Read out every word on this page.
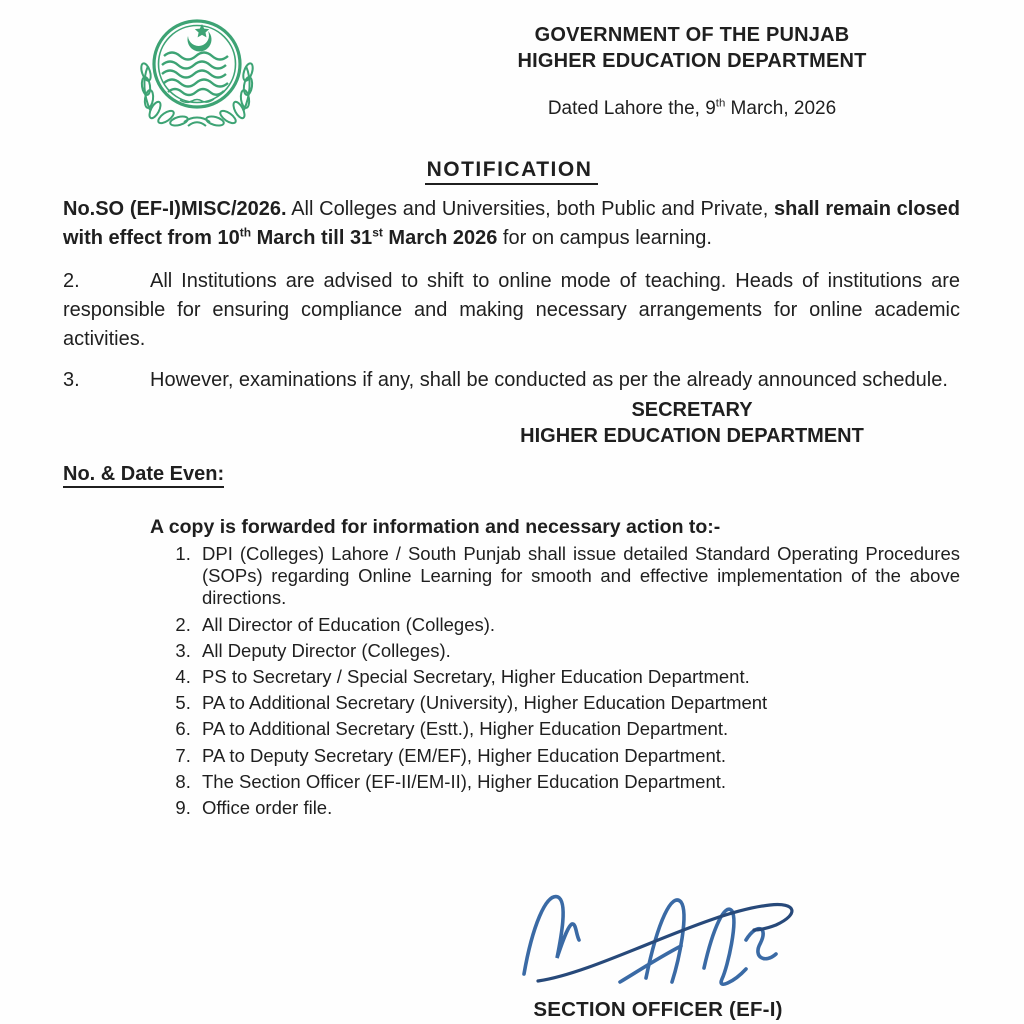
GOVERNMENT OF THE PUNJAB
HIGHER EDUCATION DEPARTMENT
Dated Lahore the, 9th March, 2026
NOTIFICATION

No.SO (EF-I)MISC/2026. All Colleges and Universities, both Public and Private, shall remain closed with effect from 10th March till 31st March 2026 for on campus learning.

2.	All Institutions are advised to shift to online mode of teaching. Heads of institutions are responsible for ensuring compliance and making necessary arrangements for online academic activities.

3.	However, examinations if any, shall be conducted as per the already announced schedule.

SECRETARY
HIGHER EDUCATION DEPARTMENT
No. & Date Even:
A copy is forwarded for information and necessary action to:-
1. DPI (Colleges) Lahore / South Punjab shall issue detailed Standard Operating Procedures (SOPs) regarding Online Learning for smooth and effective implementation of the above directions.
2. All Director of Education (Colleges).
3. All Deputy Director (Colleges).
4. PS to Secretary / Special Secretary, Higher Education Department.
5. PA to Additional Secretary (University), Higher Education Department
6. PA to Additional Secretary (Estt.), Higher Education Department.
7. PA to Deputy Secretary (EM/EF), Higher Education Department.
8. The Section Officer (EF-II/EM-II), Higher Education Department.
9. Office order file.
SECTION OFFICER (EF-I)
